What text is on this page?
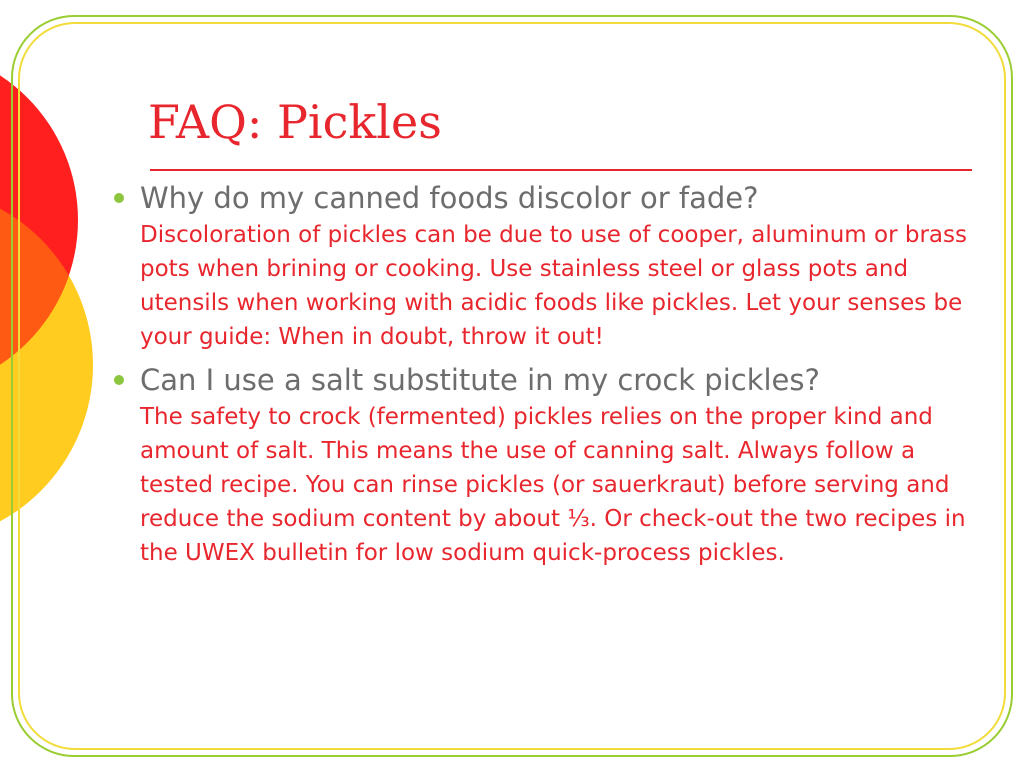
FAQ: Pickles
Why do my canned foods discolor or fade?
Discoloration of pickles can be due to use of cooper, aluminum or brass pots when brining or cooking. Use stainless steel or glass pots and utensils when working with acidic foods like pickles. Let your senses be your guide: When in doubt, throw it out!
Can I use a salt substitute in my crock pickles?
The safety to crock (fermented) pickles relies on the proper kind and amount of salt. This means the use of canning salt. Always follow a tested recipe. You can rinse pickles (or sauerkraut) before serving and reduce the sodium content by about ⅓. Or check-out the two recipes in the UWEX bulletin for low sodium quick-process pickles.
